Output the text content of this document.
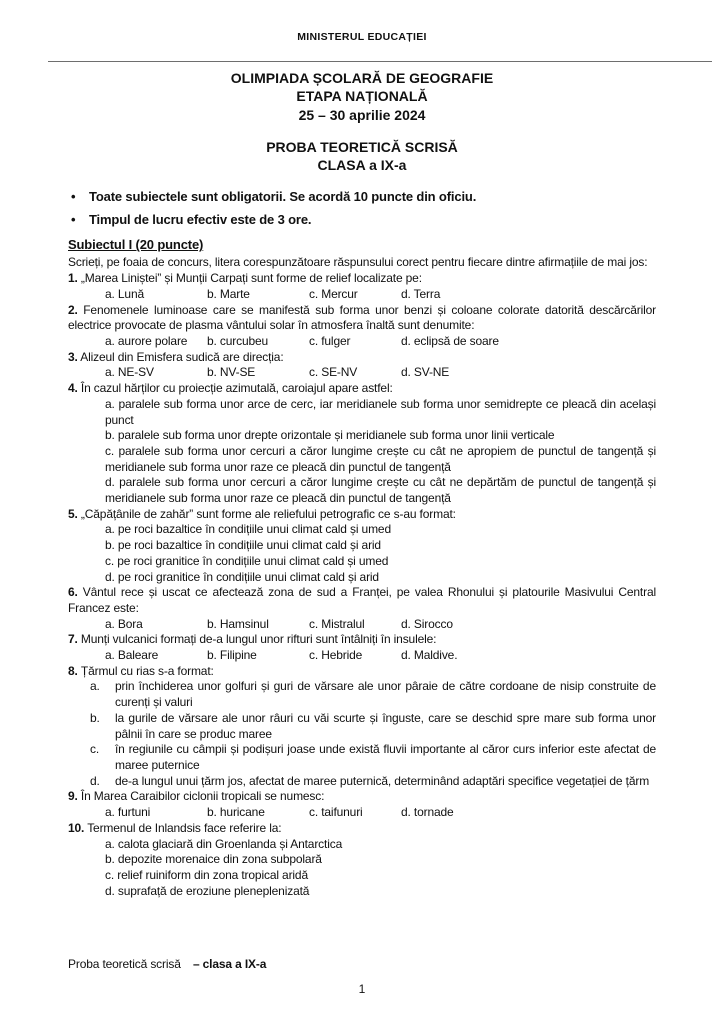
MINISTERUL EDUCAȚIEI
OLIMPIADA ȘCOLARĂ DE GEOGRAFIE
ETAPA NAȚIONALĂ
25 – 30 aprilie 2024
PROBA TEORETICĂ SCRISĂ
CLASA a IX-a
• Toate subiectele sunt obligatorii. Se acordă 10 puncte din oficiu.
• Timpul de lucru efectiv este de 3 ore.
Subiectul I (20 puncte)
Scrieți, pe foaia de concurs, litera corespunzătoare răspunsului corect pentru fiecare dintre afirmațiile de mai jos:
1. „Marea Liniștei” și Munții Carpați sunt forme de relief localizate pe:
a. Lună	b. Marte	c. Mercur	d. Terra
2. Fenomenele luminoase care se manifestă sub forma unor benzi și coloane colorate datorită descărcărilor electrice provocate de plasma vântului solar în atmosfera înaltă sunt denumite:
a. aurore polare b. curcubeu	c. fulger	d. eclipsă de soare
3. Alizeul din Emisfera sudică are direcția:
a. NE-SV	b. NV-SE	c. SE-NV	d. SV-NE
4. În cazul hărților cu proiecție azimutală, caroiajul apare astfel:
a. paralele sub forma unor arce de cerc, iar meridianele sub forma unor semidrepte ce pleacă din același punct
b. paralele sub forma unor drepte orizontale și meridianele sub forma unor linii verticale
c. paralele sub forma unor cercuri a căror lungime crește cu cât ne apropiem de punctul de tangență și meridianele sub forma unor raze ce pleacă din punctul de tangență
d. paralele sub forma unor cercuri a căror lungime crește cu cât ne depărtăm de punctul de tangență și meridianele sub forma unor raze ce pleacă din punctul de tangență
5. „Căpățânile de zahăr” sunt forme ale reliefului petrografic ce s-au format:
a. pe roci bazaltice în condițiile unui climat cald și umed
b. pe roci bazaltice în condițiile unui climat cald și arid
c. pe roci granitice în condițiile unui climat cald și umed
d. pe roci granitice în condițiile unui climat cald și arid
6. Vântul rece și uscat ce afectează zona de sud a Franței, pe valea Rhonului și platourile Masivului Central Francez este:
a. Bora	b. Hamsinul	c. Mistralul	d. Sirocco
7. Munți vulcanici formați de-a lungul unor rifturi sunt întâlniți în insulele:
a. Baleare	b. Filipine	c. Hebride	d. Maldive.
8. Țărmul cu rias s-a format:
a. prin închiderea unor golfuri și guri de vărsare ale unor pâraie de către cordoane de nisip construite de curenți și valuri
b. la gurile de vărsare ale unor râuri cu văi scurte și înguste, care se deschid spre mare sub forma unor pâlnii în care se produc maree
c. în regiunile cu câmpii și podișuri joase unde există fluvii importante al căror curs inferior este afectat de maree puternice
d. de-a lungul unui țărm jos, afectat de maree puternică, determinând adaptări specifice vegetației de țărm
9. În Marea Caraibilor ciclonii tropicali se numesc:
a. furtuni	b. huricane	c. taifunuri	d. tornade
10. Termenul de Inlandsis face referire la:
a. calota glaciară din Groenlanda și Antarctica
b. depozite morenaice din zona subpolară
c. relief ruiniform din zona tropical aridă
d. suprafață de eroziune pleneplenizată
Proba teoretică scrisă – clasa a IX-a
1
